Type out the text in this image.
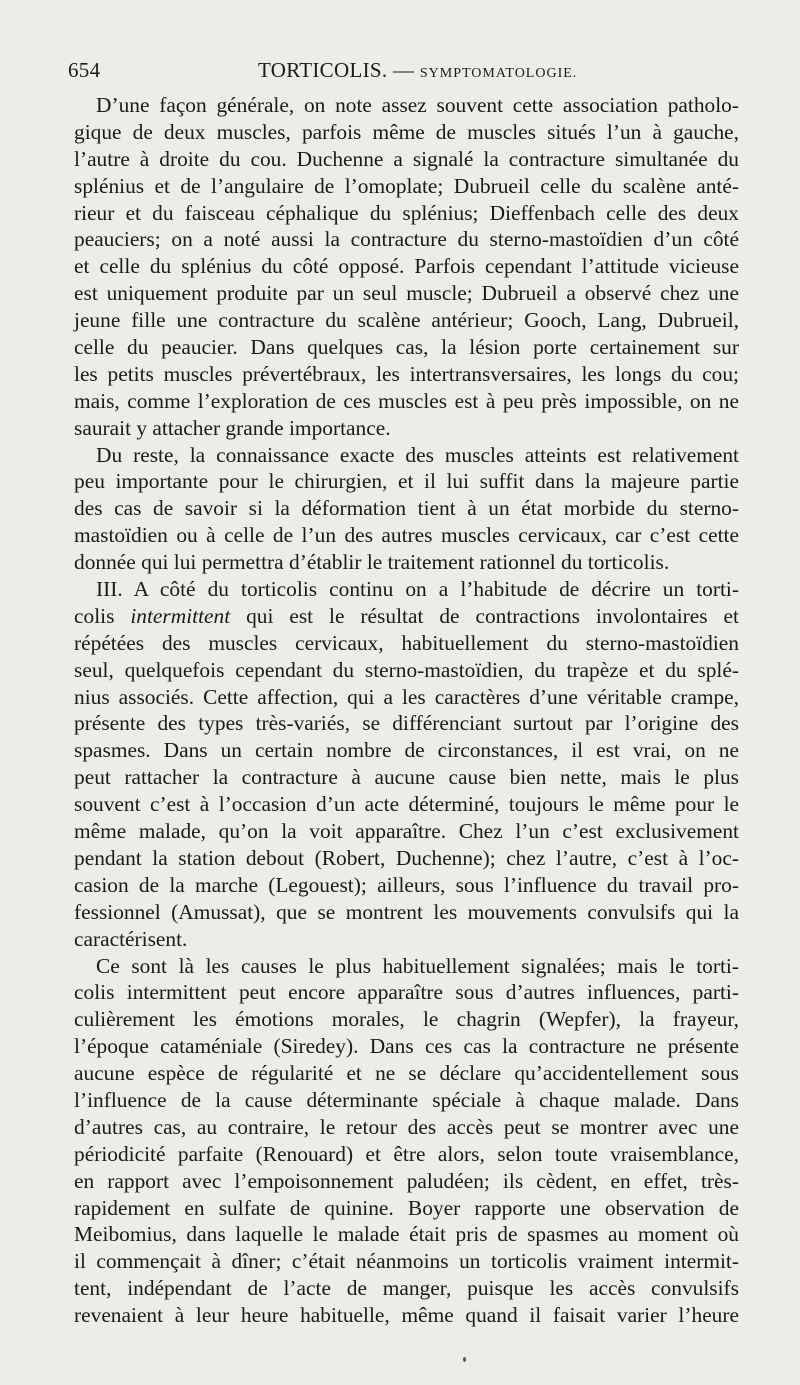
654	TORTICOLIS. — SYMPTOMATOLOGIE.
D’une façon générale, on note assez souvent cette association patholo-
gique de deux muscles, parfois même de muscles situés l’un à gauche,
l’autre à droite du cou. Duchenne a signalé la contracture simultanée du
splénius et de l’angulaire de l’omoplate; Dubrueil celle du scalène anté-
rieur et du faisceau céphalique du splénius; Dieffenbach celle des deux
peauciers; on a noté aussi la contracture du sterno-mastoïdien d’un côté
et celle du splénius du côté opposé. Parfois cependant l’attitude vicieuse
est uniquement produite par un seul muscle; Dubrueil a observé chez une
jeune fille une contracture du scalène antérieur; Gooch, Lang, Dubrueil,
celle du peaucier. Dans quelques cas, la lésion porte certainement sur
les petits muscles prévertébraux, les intertransversaires, les longs du cou;
mais, comme l’exploration de ces muscles est à peu près impossible, on ne
saurait y attacher grande importance.
Du reste, la connaissance exacte des muscles atteints est relativement
peu importante pour le chirurgien, et il lui suffit dans la majeure partie
des cas de savoir si la déformation tient à un état morbide du sterno-
mastoïdien ou à celle de l’un des autres muscles cervicaux, car c’est cette
donnée qui lui permettra d’établir le traitement rationnel du torticolis.
III. A côté du torticolis continu on a l’habitude de décrire un torti-
colis intermittent qui est le résultat de contractions involontaires et
répétées des muscles cervicaux, habituellement du sterno-mastoïdien
seul, quelquefois cependant du sterno-mastoïdien, du trapèze et du splé-
nius associés. Cette affection, qui a les caractères d’une véritable crampe,
présente des types très-variés, se différenciant surtout par l’origine des
spasmes. Dans un certain nombre de circonstances, il est vrai, on ne
peut rattacher la contracture à aucune cause bien nette, mais le plus
souvent c’est à l’occasion d’un acte déterminé, toujours le même pour le
même malade, qu’on la voit apparaître. Chez l’un c’est exclusivement
pendant la station debout (Robert, Duchenne); chez l’autre, c’est à l’oc-
casion de la marche (Legouest); ailleurs, sous l’influence du travail pro-
fessionnel (Amussat), que se montrent les mouvements convulsifs qui la
caractérisent.
Ce sont là les causes le plus habituellement signalées; mais le torti-
colis intermittent peut encore apparaître sous d’autres influences, parti-
culièrement les émotions morales, le chagrin (Wepfer), la frayeur,
l’époque cataméniale (Siredey). Dans ces cas la contracture ne présente
aucune espèce de régularité et ne se déclare qu’accidentellement sous
l’influence de la cause déterminante spéciale à chaque malade. Dans
d’autres cas, au contraire, le retour des accès peut se montrer avec une
périodicité parfaite (Renouard) et être alors, selon toute vraisemblance,
en rapport avec l’empoisonnement paludéen; ils cèdent, en effet, très-
rapidement en sulfate de quinine. Boyer rapporte une observation de
Meibomius, dans laquelle le malade était pris de spasmes au moment où
il commençait à dîner; c’était néanmoins un torticolis vraiment intermit-
tent, indépendant de l’acte de manger, puisque les accès convulsifs
revenaient à leur heure habituelle, même quand il faisait varier l’heure
